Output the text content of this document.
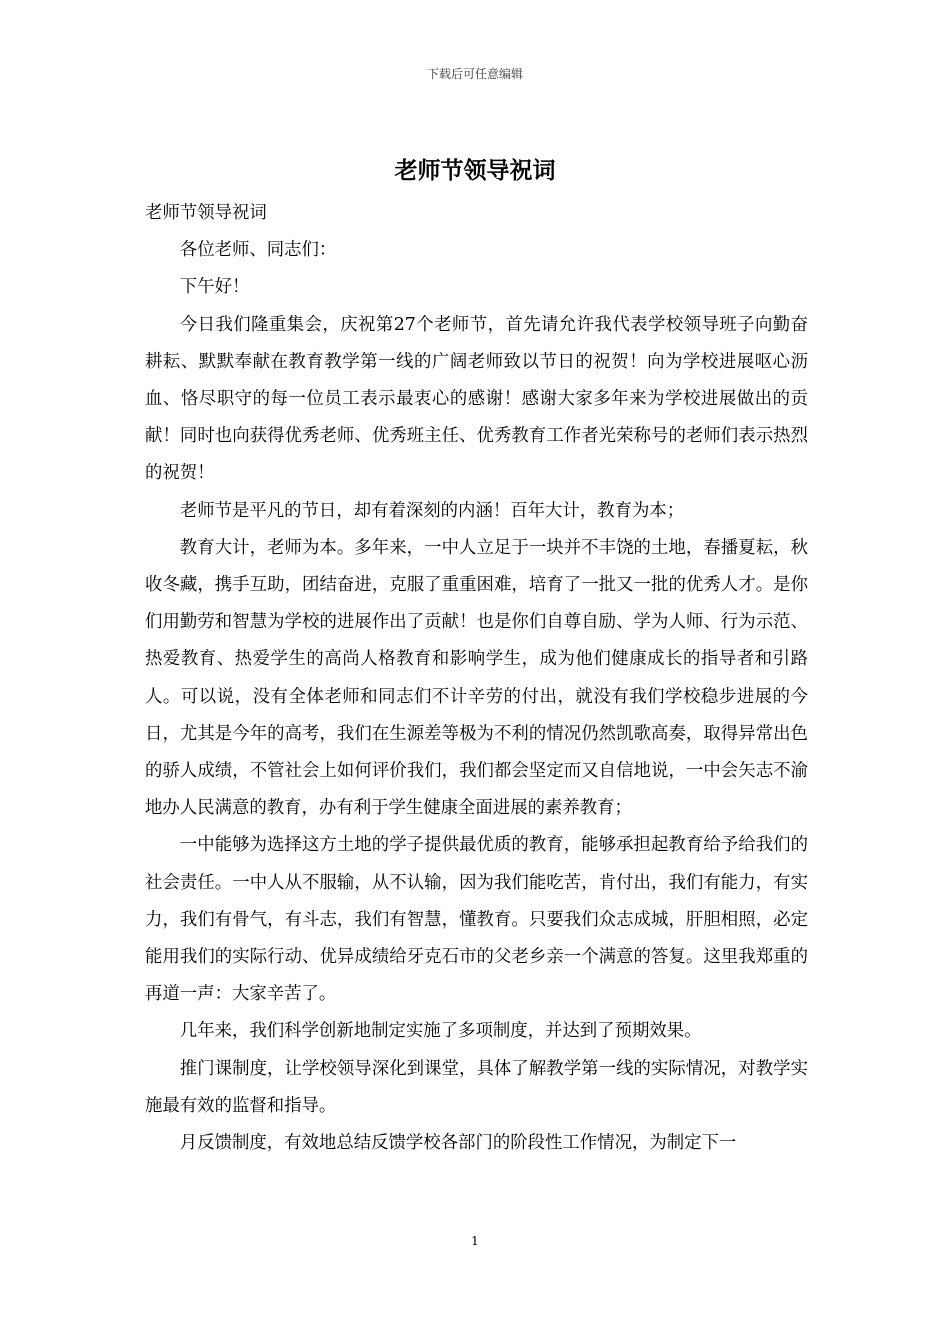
下载后可任意编辑
老师节领导祝词

老师节领导祝词

各位老师、同志们：

下午好！

今日我们隆重集会，庆祝第27个老师节，首先请允许我代表学校领导班子向勤奋耕耘、默默奉献在教育教学第一线的广阔老师致以节日的祝贺！向为学校进展呕心沥血、恪尽职守的每一位员工表示最衷心的感谢！感谢大家多年来为学校进展做出的贡献！同时也向获得优秀老师、优秀班主任、优秀教育工作者光荣称号的老师们表示热烈的祝贺！

老师节是平凡的节日，却有着深刻的内涵！百年大计，教育为本；

教育大计，老师为本。多年来，一中人立足于一块并不丰饶的土地，春播夏耘，秋收冬藏，携手互助，团结奋进，克服了重重困难，培育了一批又一批的优秀人才。是你们用勤劳和智慧为学校的进展作出了贡献！也是你们自尊自励、学为人师、行为示范、热爱教育、热爱学生的高尚人格教育和影响学生，成为他们健康成长的指导者和引路人。可以说，没有全体老师和同志们不计辛劳的付出，就没有我们学校稳步进展的今日，尤其是今年的高考，我们在生源差等极为不利的情况仍然凯歌高奏，取得异常出色的骄人成绩，不管社会上如何评价我们，我们都会坚定而又自信地说，一中会矢志不渝地办人民满意的教育，办有利于学生健康全面进展的素养教育；

一中能够为选择这方土地的学子提供最优质的教育，能够承担起教育给予给我们的社会责任。一中人从不服输，从不认输，因为我们能吃苦，肯付出，我们有能力，有实力，我们有骨气，有斗志，我们有智慧，懂教育。只要我们众志成城，肝胆相照，必定能用我们的实际行动、优异成绩给牙克石市的父老乡亲一个满意的答复。这里我郑重的再道一声：大家辛苦了。

几年来，我们科学创新地制定实施了多项制度，并达到了预期效果。

推门课制度，让学校领导深化到课堂，具体了解教学第一线的实际情况，对教学实施最有效的监督和指导。

月反馈制度，有效地总结反馈学校各部门的阶段性工作情况，为制定下一

1
